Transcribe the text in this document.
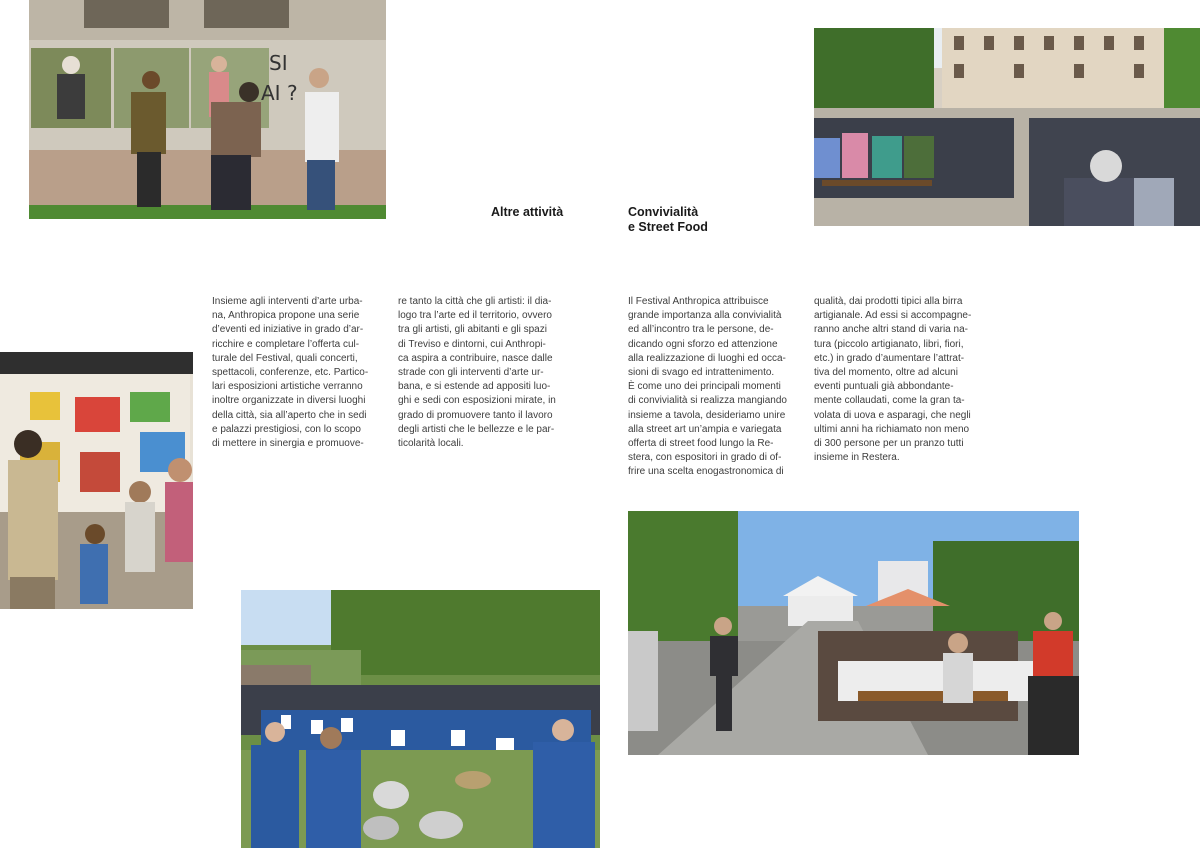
SI
AI ?
Altre attività	Convivialità
e Street Food

Insieme agli interventi d’arte urba-
na, Anthropica propone una serie
d’eventi ed iniziative in grado d’ar-
ricchire e completare l’offerta cul-
turale del Festival, quali concerti,
spettacoli, conferenze, etc. Partico-
lari esposizioni artistiche verranno
inoltre organizzate in diversi luoghi
della città, sia all’aperto che in sedi
e palazzi prestigiosi, con lo scopo
di mettere in sinergia e promuove-

re tanto la città che gli artisti: il dia-
logo tra l’arte ed il territorio, ovvero
tra gli artisti, gli abitanti e gli spazi
di Treviso e dintorni, cui Anthropi-
ca aspira a contribuire, nasce dalle
strade con gli interventi d’arte ur-
bana, e si estende ad appositi luo-
ghi e sedi con esposizioni mirate, in
grado di promuovere tanto il lavoro
degli artisti che le bellezze e le par-
ticolarità locali.

Il Festival Anthropica attribuisce
grande importanza alla convivialità
ed all’incontro tra le persone, de-
dicando ogni sforzo ed attenzione
alla realizzazione di luoghi ed occa-
sioni di svago ed intrattenimento.
È come uno dei principali momenti
di convivialità si realizza mangiando
insieme a tavola, desideriamo unire
alla street art un’ampia e variegata
offerta di street food lungo la Re-
stera, con espositori in grado di of-
frire una scelta enogastronomica di

qualità, dai prodotti tipici alla birra
artigianale. Ad essi si accompagne-
ranno anche altri stand di varia na-
tura (piccolo artigianato, libri, fiori,
etc.) in grado d’aumentare l’attrat-
tiva del momento, oltre ad alcuni
eventi puntuali già abbondante-
mente collaudati, come la gran ta-
volata di uova e asparagi, che negli
ultimi anni ha richiamato non meno
di 300 persone per un pranzo tutti
insieme in Restera.
